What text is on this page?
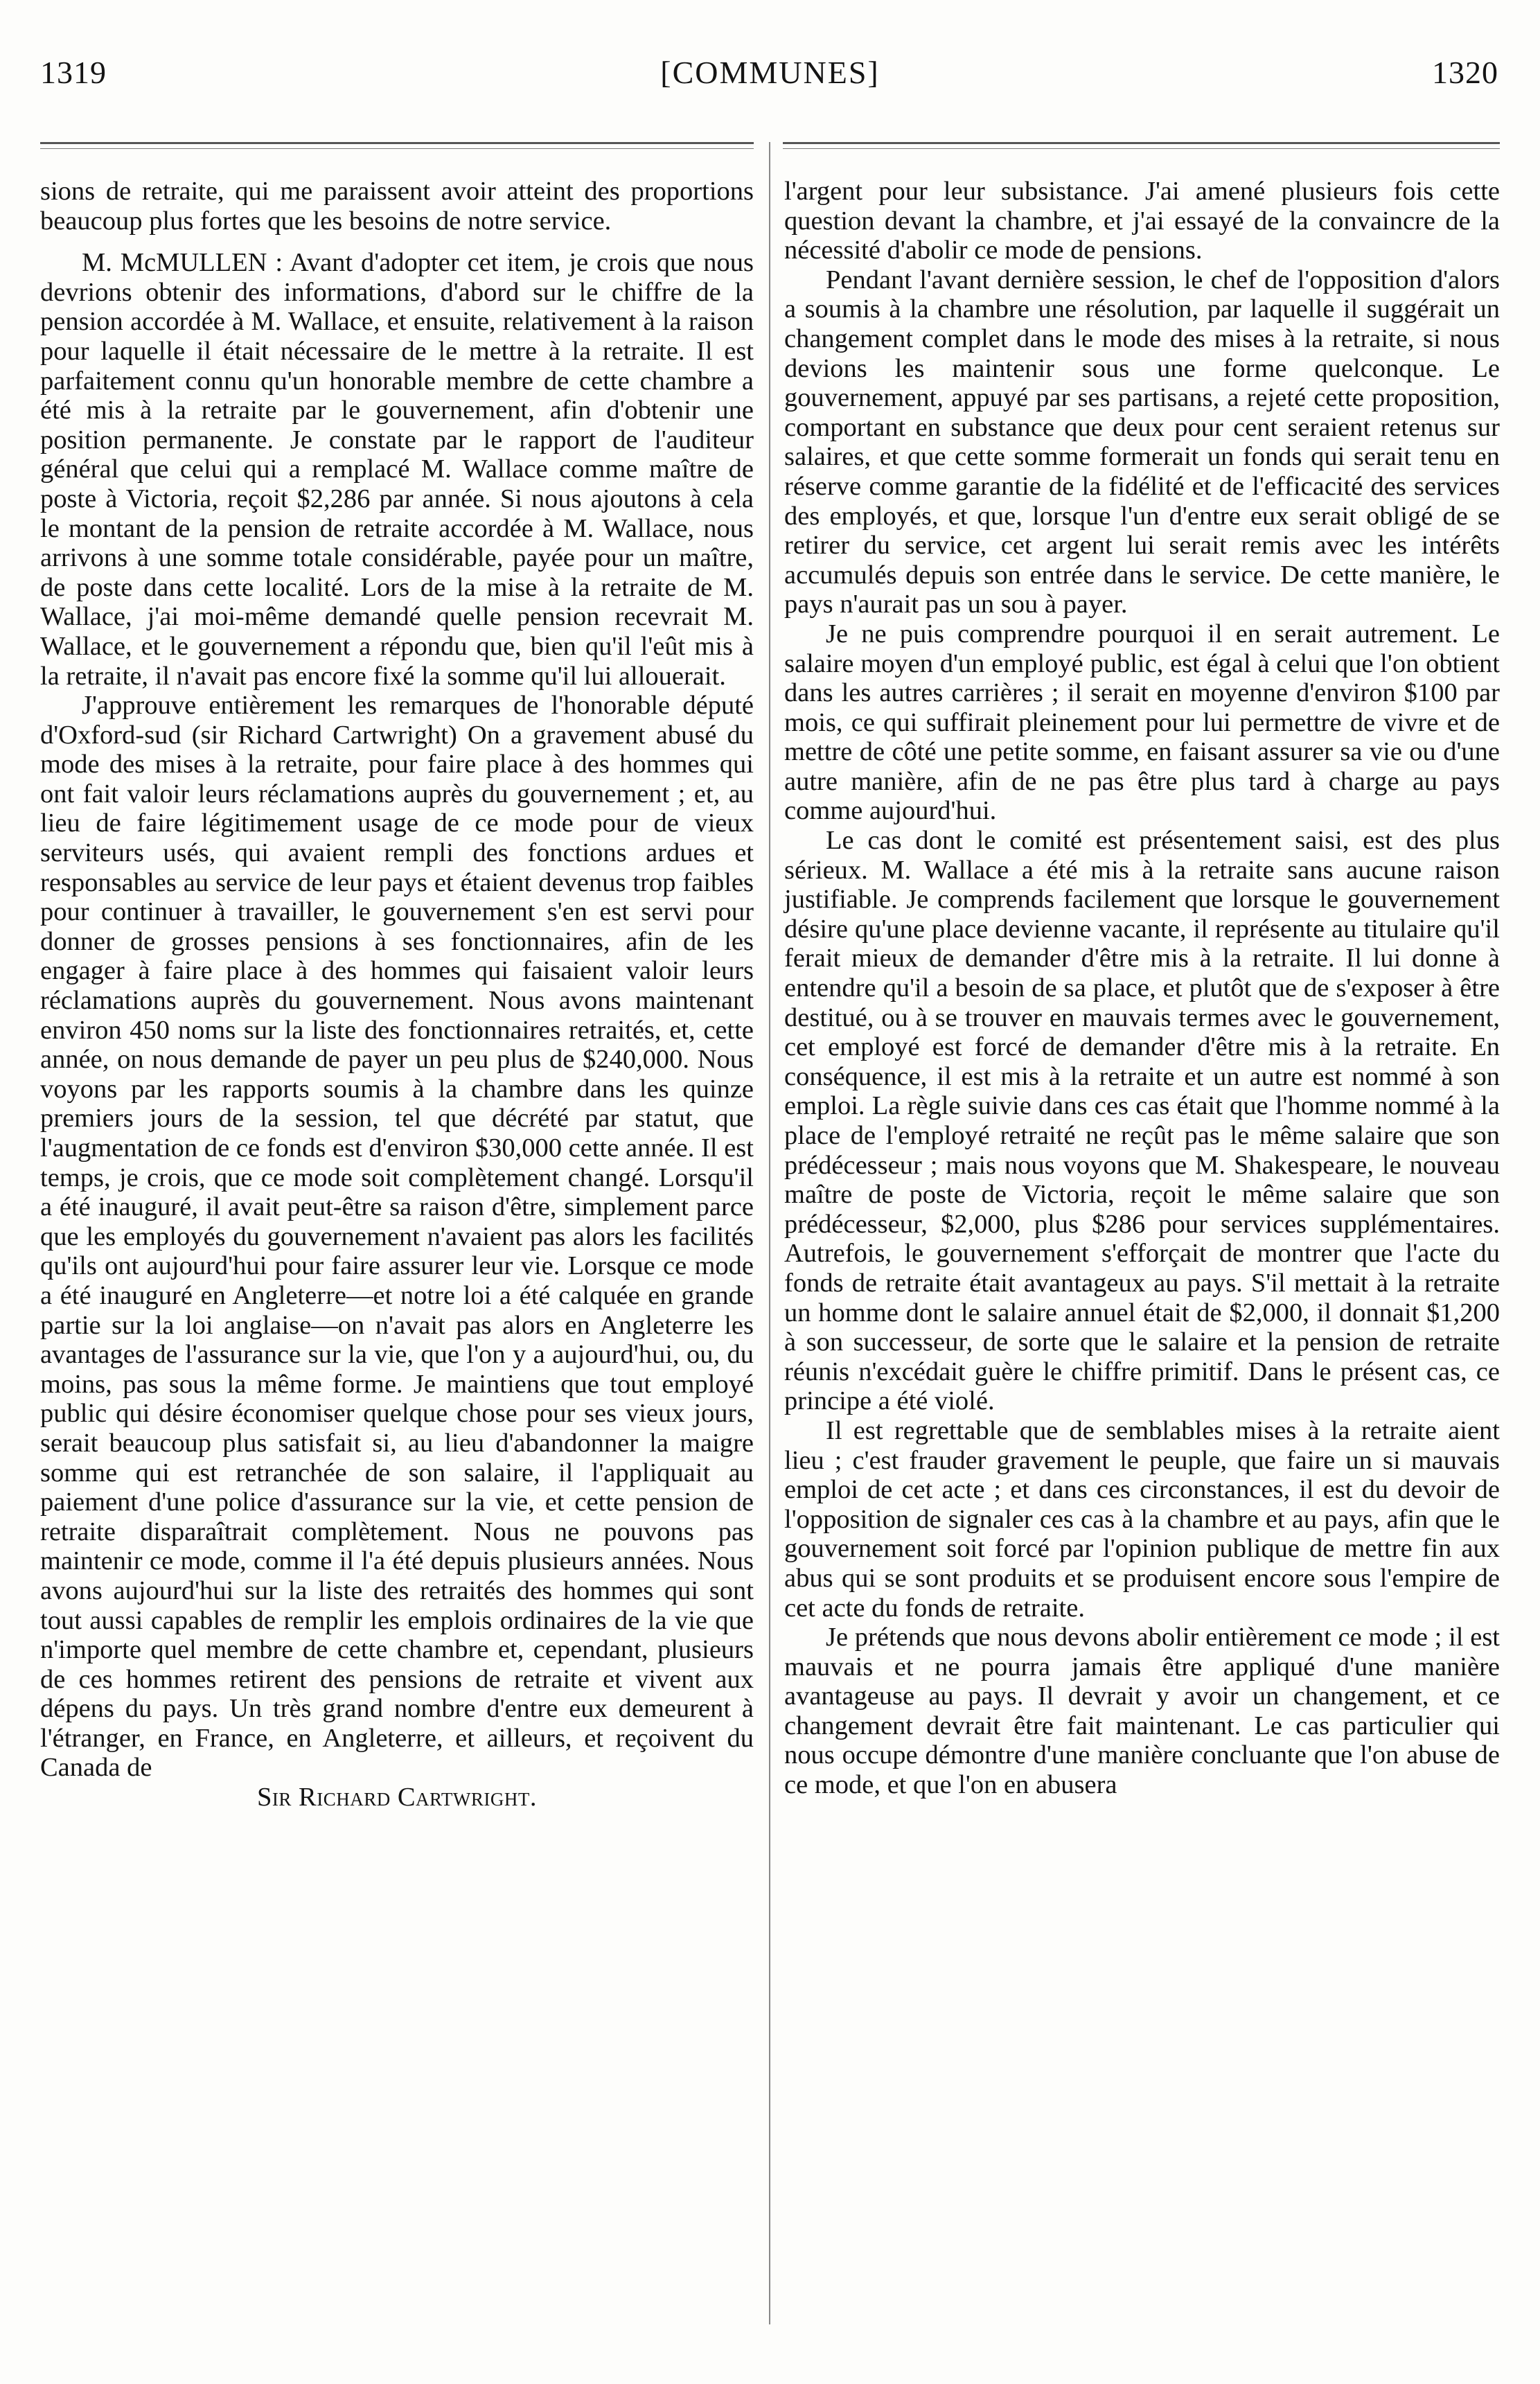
1319	[COMMUNES]	1320

sions de retraite, qui me paraissent avoir atteint des proportions beaucoup plus fortes que les besoins de notre service.

M. McMULLEN : Avant d'adopter cet item, je crois que nous devrions obtenir des informations, d'abord sur le chiffre de la pension accordée à M. Wallace, et ensuite, relativement à la raison pour laquelle il était nécessaire de le mettre à la retraite. Il est parfaitement connu qu'un honorable membre de cette chambre a été mis à la retraite par le gouvernement, afin d'obtenir une position permanente. Je constate par le rapport de l'auditeur général que celui qui a remplacé M. Wallace comme maître de poste à Victoria, reçoit $2,286 par année. Si nous ajoutons à cela le montant de la pension de retraite accordée à M. Wallace, nous arrivons à une somme totale considérable, payée pour un maître, de poste dans cette localité. Lors de la mise à la retraite de M. Wallace, j'ai moi-même demandé quelle pension recevrait M. Wallace, et le gouvernement a répondu que, bien qu'il l'eût mis à la retraite, il n'avait pas encore fixé la somme qu'il lui allouerait.

J'approuve entièrement les remarques de l'honorable député d'Oxford-sud (sir Richard Cartwright) On a gravement abusé du mode des mises à la retraite, pour faire place à des hommes qui ont fait valoir leurs réclamations auprès du gouvernement ; et, au lieu de faire légitimement usage de ce mode pour de vieux serviteurs usés, qui avaient rempli des fonctions ardues et responsables au service de leur pays et étaient devenus trop faibles pour continuer à travailler, le gouvernement s'en est servi pour donner de grosses pensions à ses fonctionnaires, afin de les engager à faire place à des hommes qui faisaient valoir leurs réclamations auprès du gouvernement. Nous avons maintenant environ 450 noms sur la liste des fonctionnaires retraités, et, cette année, on nous demande de payer un peu plus de $240,000. Nous voyons par les rapports soumis à la chambre dans les quinze premiers jours de la session, tel que décrété par statut, que l'augmentation de ce fonds est d'environ $30,000 cette année. Il est temps, je crois, que ce mode soit complètement changé. Lorsqu'il a été inauguré, il avait peut-être sa raison d'être, simplement parce que les employés du gouvernement n'avaient pas alors les facilités qu'ils ont aujourd'hui pour faire assurer leur vie. Lorsque ce mode a été inauguré en Angleterre—et notre loi a été calquée en grande partie sur la loi anglaise—on n'avait pas alors en Angleterre les avantages de l'assurance sur la vie, que l'on y a aujourd'hui, ou, du moins, pas sous la même forme. Je maintiens que tout employé public qui désire économiser quelque chose pour ses vieux jours, serait beaucoup plus satisfait si, au lieu d'abandonner la maigre somme qui est retranchée de son salaire, il l'appliquait au paiement d'une police d'assurance sur la vie, et cette pension de retraite disparaîtrait complètement. Nous ne pouvons pas maintenir ce mode, comme il l'a été depuis plusieurs années. Nous avons aujourd'hui sur la liste des retraités des hommes qui sont tout aussi capables de remplir les emplois ordinaires de la vie que n'importe quel membre de cette chambre et, cependant, plusieurs de ces hommes retirent des pensions de retraite et vivent aux dépens du pays. Un très grand nombre d'entre eux demeurent à l'étranger, en France, en Angleterre, et ailleurs, et reçoivent du Canada de

Sir Richard Cartwright.

l'argent pour leur subsistance. J'ai amené plusieurs fois cette question devant la chambre, et j'ai essayé de la convaincre de la nécessité d'abolir ce mode de pensions.

Pendant l'avant dernière session, le chef de l'opposition d'alors a soumis à la chambre une résolution, par laquelle il suggérait un changement complet dans le mode des mises à la retraite, si nous devions les maintenir sous une forme quelconque. Le gouvernement, appuyé par ses partisans, a rejeté cette proposition, comportant en substance que deux pour cent seraient retenus sur salaires, et que cette somme formerait un fonds qui serait tenu en réserve comme garantie de la fidélité et de l'efficacité des services des employés, et que, lorsque l'un d'entre eux serait obligé de se retirer du service, cet argent lui serait remis avec les intérêts accumulés depuis son entrée dans le service. De cette manière, le pays n'aurait pas un sou à payer.

Je ne puis comprendre pourquoi il en serait autrement. Le salaire moyen d'un employé public, est égal à celui que l'on obtient dans les autres carrières ; il serait en moyenne d'environ $100 par mois, ce qui suffirait pleinement pour lui permettre de vivre et de mettre de côté une petite somme, en faisant assurer sa vie ou d'une autre manière, afin de ne pas être plus tard à charge au pays comme aujourd'hui.

Le cas dont le comité est présentement saisi, est des plus sérieux. M. Wallace a été mis à la retraite sans aucune raison justifiable. Je comprends facilement que lorsque le gouvernement désire qu'une place devienne vacante, il représente au titulaire qu'il ferait mieux de demander d'être mis à la retraite. Il lui donne à entendre qu'il a besoin de sa place, et plutôt que de s'exposer à être destitué, ou à se trouver en mauvais termes avec le gouvernement, cet employé est forcé de demander d'être mis à la retraite. En conséquence, il est mis à la retraite et un autre est nommé à son emploi. La règle suivie dans ces cas était que l'homme nommé à la place de l'employé retraité ne reçût pas le même salaire que son prédécesseur ; mais nous voyons que M. Shakespeare, le nouveau maître de poste de Victoria, reçoit le même salaire que son prédécesseur, $2,000, plus $286 pour services supplémentaires. Autrefois, le gouvernement s'efforçait de montrer que l'acte du fonds de retraite était avantageux au pays. S'il mettait à la retraite un homme dont le salaire annuel était de $2,000, il donnait $1,200 à son successeur, de sorte que le salaire et la pension de retraite réunis n'excédait guère le chiffre primitif. Dans le présent cas, ce principe a été violé.

Il est regrettable que de semblables mises à la retraite aient lieu ; c'est frauder gravement le peuple, que faire un si mauvais emploi de cet acte ; et dans ces circonstances, il est du devoir de l'opposition de signaler ces cas à la chambre et au pays, afin que le gouvernement soit forcé par l'opinion publique de mettre fin aux abus qui se sont produits et se produisent encore sous l'empire de cet acte du fonds de retraite.

Je prétends que nous devons abolir entièrement ce mode ; il est mauvais et ne pourra jamais être appliqué d'une manière avantageuse au pays. Il devrait y avoir un changement, et ce changement devrait être fait maintenant. Le cas particulier qui nous occupe démontre d'une manière concluante que l'on abuse de ce mode, et que l'on en abusera
